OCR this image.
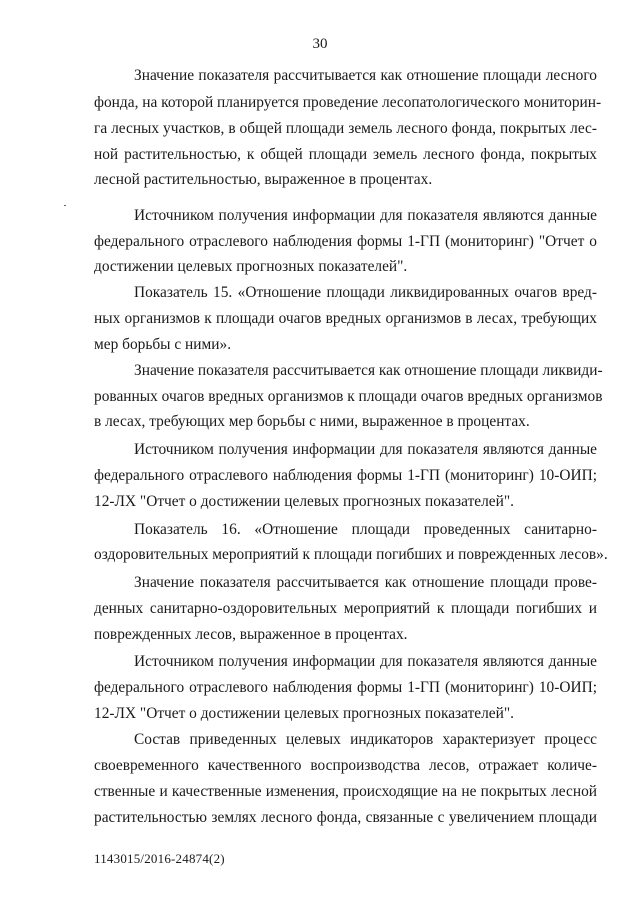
30
Значение показателя рассчитывается как отношение площади лесного
фонда, на которой планируется проведение лесопатологического мониторин-
га лесных участков, в общей площади земель лесного фонда, покрытых лес-
ной растительностью, к общей площади земель лесного фонда, покрытых
лесной растительностью, выраженное в процентах.
Источником получения информации для показателя являются данные
федерального отраслевого наблюдения формы 1-ГП (мониторинг) "Отчет о
достижении целевых прогнозных показателей".
Показатель 15. «Отношение площади ликвидированных очагов вред-
ных организмов к площади очагов вредных организмов в лесах, требующих
мер борьбы с ними».
Значение показателя рассчитывается как отношение площади ликвиди-
рованных очагов вредных организмов к площади очагов вредных организмов
в лесах, требующих мер борьбы с ними, выраженное в процентах.
Источником получения информации для показателя являются данные
федерального отраслевого наблюдения формы 1-ГП (мониторинг) 10-ОИП;
12-ЛХ "Отчет о достижении целевых прогнозных показателей".
Показатель 16. «Отношение площади проведенных санитарно-
оздоровительных мероприятий к площади погибших и поврежденных лесов».
Значение показателя рассчитывается как отношение площади прове-
денных санитарно-оздоровительных мероприятий к площади погибших и
поврежденных лесов, выраженное в процентах.
Источником получения информации для показателя являются данные
федерального отраслевого наблюдения формы 1-ГП (мониторинг) 10-ОИП;
12-ЛХ "Отчет о достижении целевых прогнозных показателей".
Состав приведенных целевых индикаторов характеризует процесс
своевременного качественного воспроизводства лесов, отражает количе-
ственные и качественные изменения, происходящие на не покрытых лесной
растительностью землях лесного фонда, связанные с увеличением площади
1143015/2016-24874(2)
